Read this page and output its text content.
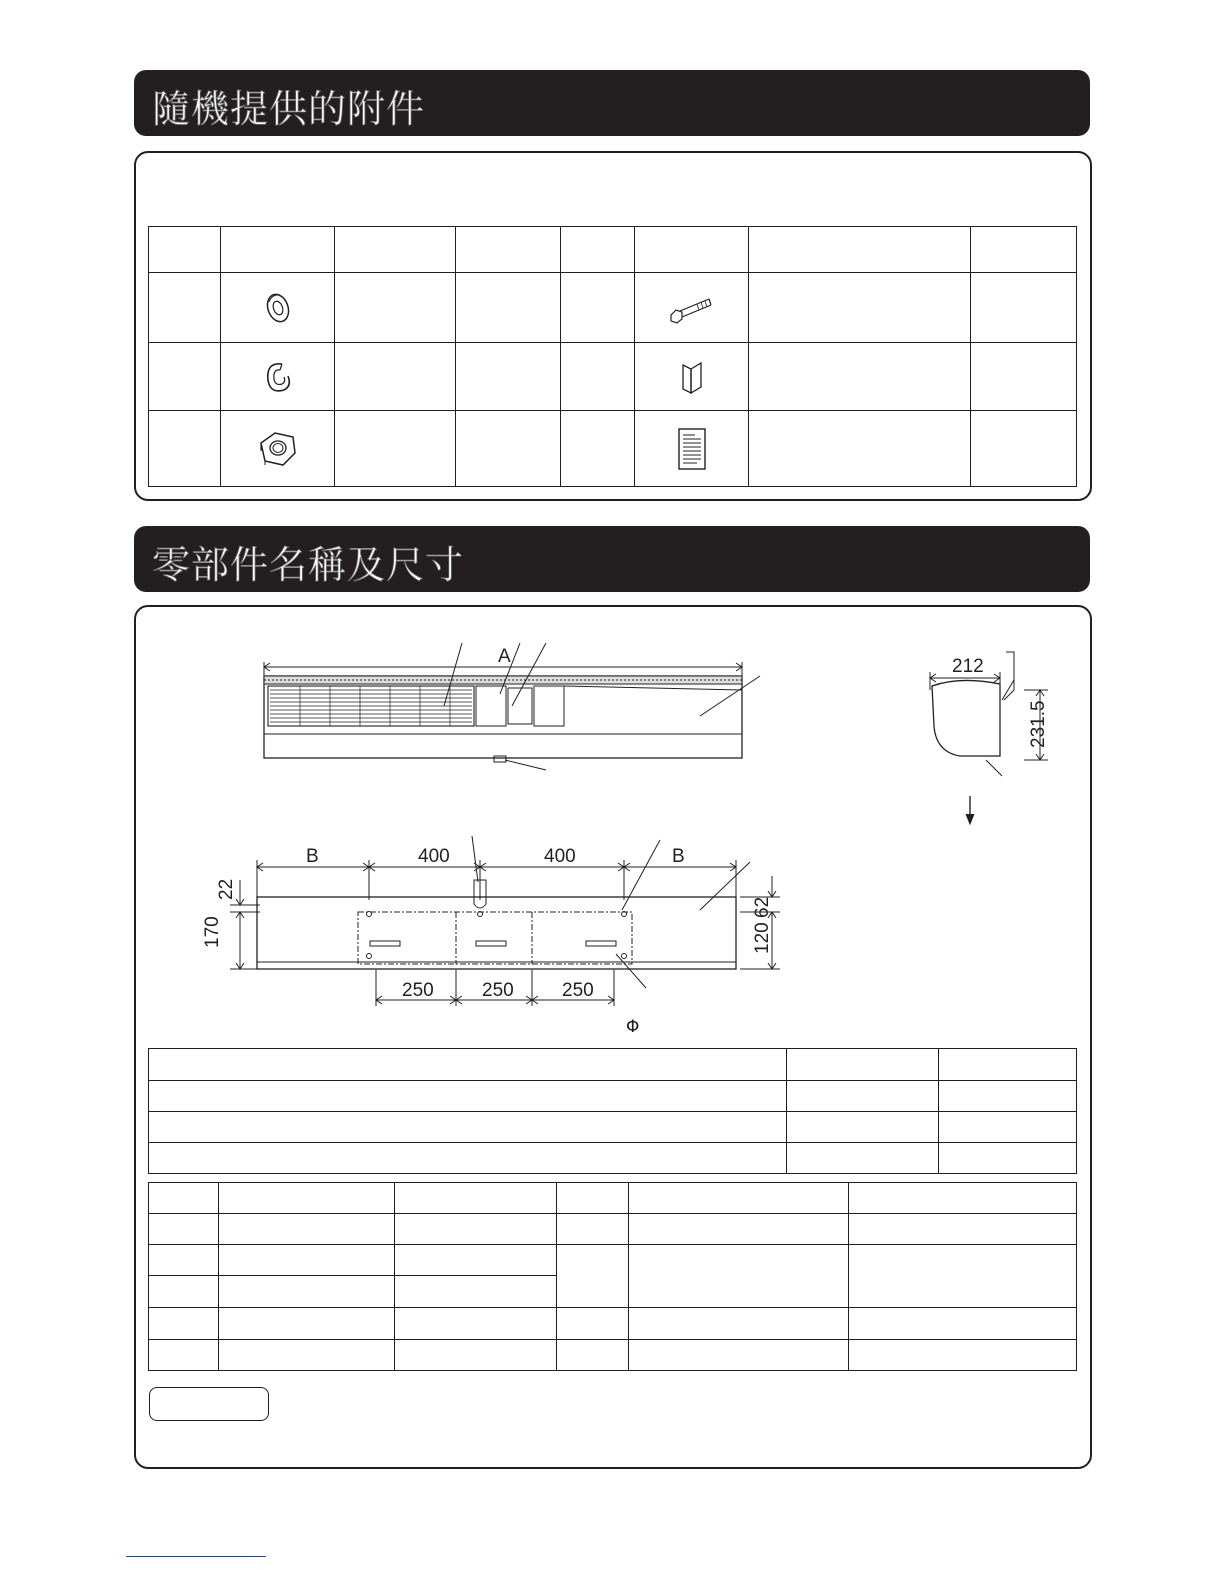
隨機提供的附件

零部件名稱及尺寸
A	212
231.5
B	400	400	B
22
170
62
120
250	250	250
Φ
